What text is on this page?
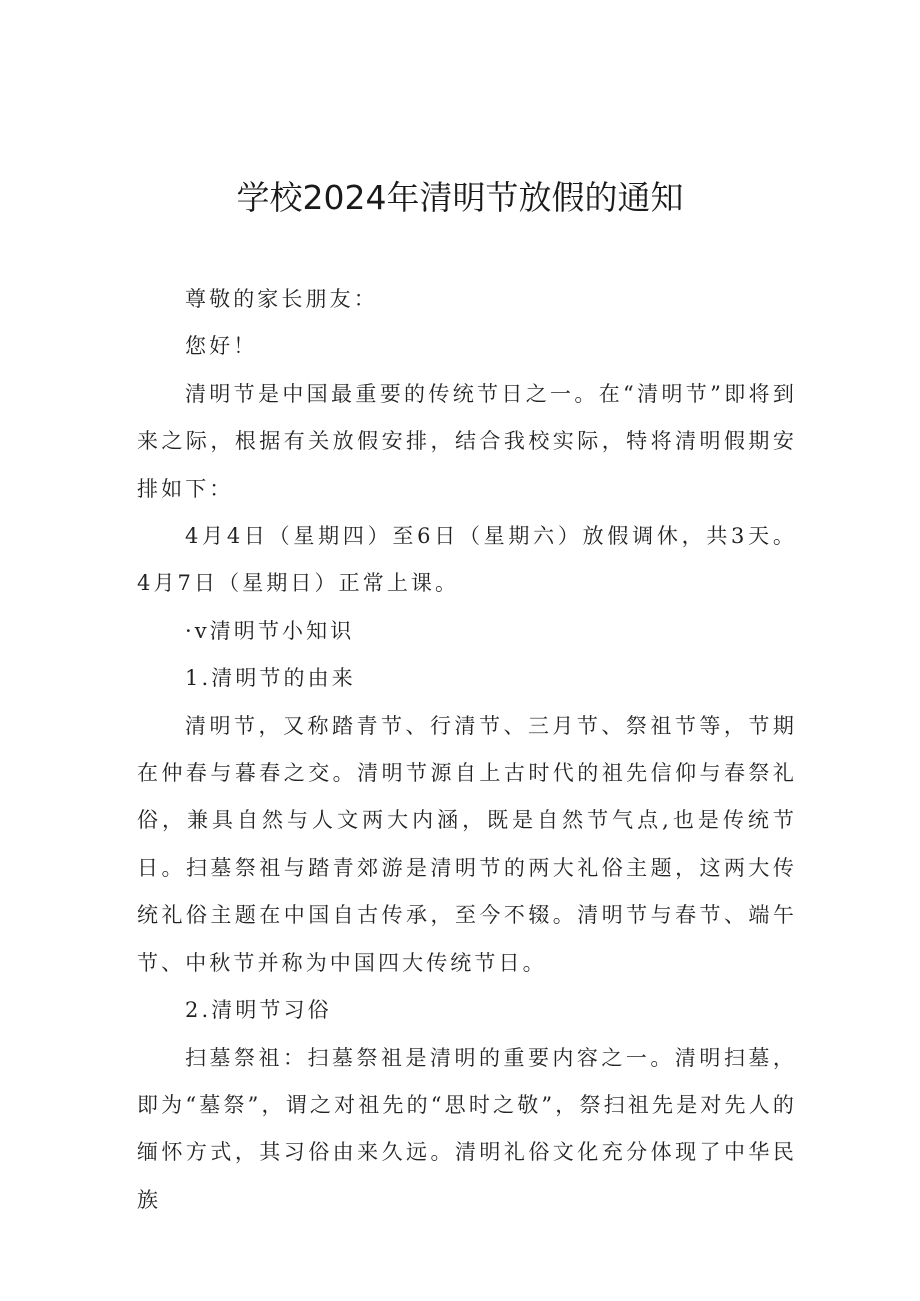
学校2024年清明节放假的通知

尊敬的家长朋友：

您好！

清明节是中国最重要的传统节日之一。在“清明节”即将到来之际，根据有关放假安排，结合我校实际，特将清明假期安排如下：

4月4日（星期四）至6日（星期六）放假调休，共3天。4月7日（星期日）正常上课。

·v清明节小知识

1.清明节的由来

清明节，又称踏青节、行清节、三月节、祭祖节等，节期在仲春与暮春之交。清明节源自上古时代的祖先信仰与春祭礼俗，兼具自然与人文两大内涵，既是自然节气点,也是传统节日。扫墓祭祖与踏青郊游是清明节的两大礼俗主题，这两大传统礼俗主题在中国自古传承，至今不辍。清明节与春节、端午节、中秋节并称为中国四大传统节日。

2.清明节习俗

扫墓祭祖：扫墓祭祖是清明的重要内容之一。清明扫墓，即为“墓祭”，谓之对祖先的“思时之敬”，祭扫祖先是对先人的缅怀方式，其习俗由来久远。清明礼俗文化充分体现了中华民族
